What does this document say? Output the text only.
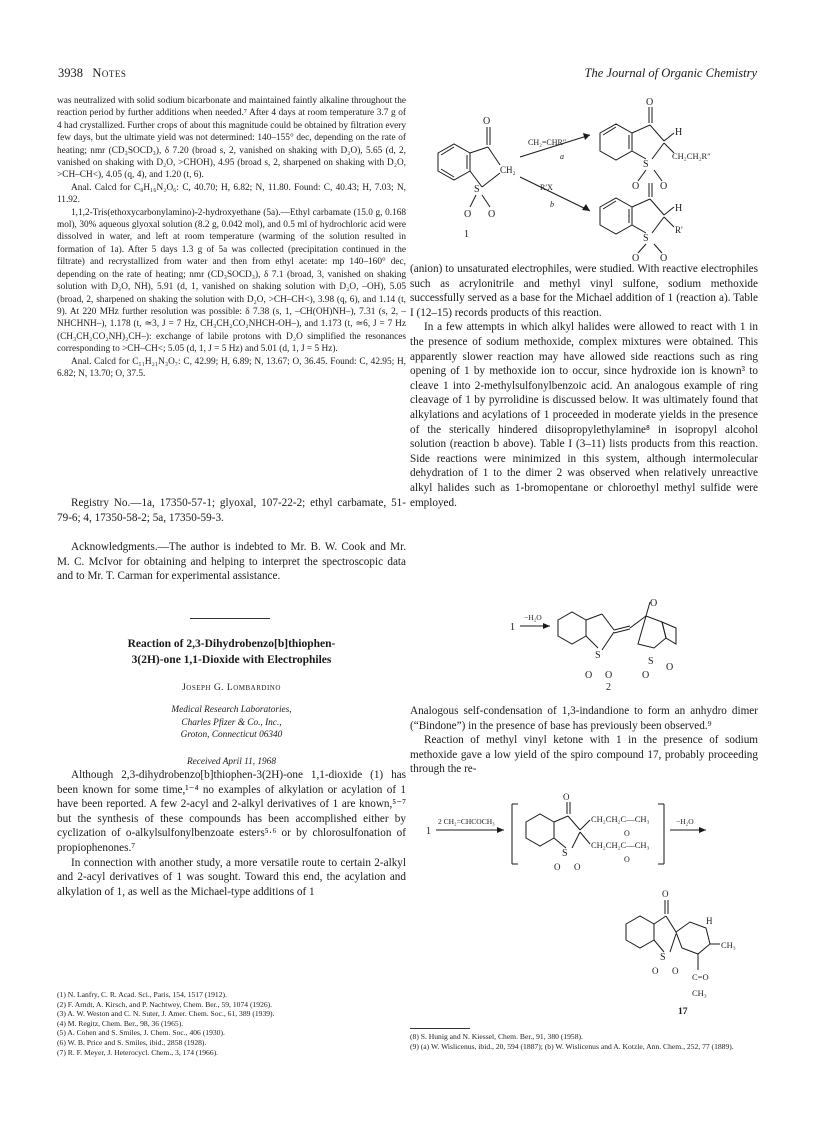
3938 Notes	The Journal of Organic Chemistry

was neutralized with solid sodium bicarbonate and maintained faintly alkaline throughout the reaction period by further additions when needed.⁷ After 4 days at room temperature 3.7 g of 4 had crystallized. Further crops of about this magnitude could be obtained by filtration every few days, but the ultimate yield was not determined: 140–155° dec, depending on the rate of heating; nmr (CD₃SOCD₃), δ 7.20 (broad s, 2, vanished on shaking with D₂O), 5.65 (d, 2, vanished on shaking with D₂O, >CHOH), 4.95 (broad s, 2, sharpened on shaking with D₂O, >CH–CH<), 4.05 (q, 4), and 1.20 (t, 6).

Anal. Calcd for C₈H₁₆N₂O₆: C, 40.70; H, 6.82; N, 11.80. Found: C, 40.43; H, 7.03; N, 11.92.

1,1,2-Tris(ethoxycarbonylamino)-2-hydroxyethane (5a).—Ethyl carbamate (15.0 g, 0.168 mol), 30% aqueous glyoxal solution (8.2 g, 0.042 mol), and 0.5 ml of hydrochloric acid were dissolved in water, and left at room temperature (warming of the solution resulted in formation of 1a). After 5 days 1.3 g of 5a was collected (precipitation continued in the filtrate) and recrystallized from water and then from ethyl acetate: mp 140–160° dec, depending on the rate of heating; nmr (CD₃SOCD₃), δ 7.1 (broad, 3, vanished on shaking solution with D₂O, NH), 5.91 (d, 1, vanished on shaking solution with D₂O, –OH), 5.05 (broad, 2, sharpened on shaking the solution with D₂O, >CH–CH<), 3.98 (q, 6), and 1.14 (t, 9). At 220 MHz further resolution was possible: δ 7.38 (s, 1, –CH(OH)NH–), 7.31 (s, 2, –NHCHNH–), 1.178 (t, ≃3, J = 7 Hz, CH₃CH₂CO₂NHCH-OH–), and 1.173 (t, ≃6, J = 7 Hz (CH₃CH₂CO₂NH)₂CH–): exchange of labile protons with D₂O simplified the resonances corresponding to >CH–CH<; 5.05 (d, 1, J = 5 Hz) and 5.01 (d, 1, J = 5 Hz).

Anal. Calcd for C₁₁H₂₁N₃O₇: C, 42.99; H, 6.89; N, 13.67; O, 36.45. Found: C, 42.95; H, 6.82; N, 13.70; O, 37.5.

Registry No.—1a, 17350-57-1; glyoxal, 107-22-2; ethyl carbamate, 51-79-6; 4, 17350-58-2; 5a, 17350-59-3.

Acknowledgments.—The author is indebted to Mr. B. W. Cook and Mr. M. C. McIvor for obtaining and helping to interpret the spectroscopic data and to Mr. T. Carman for experimental assistance.

Reaction of 2,3-Dihydrobenzo[b]thiophen-
3(2H)-one 1,1-Dioxide with Electrophiles
Joseph G. Lombardino
Medical Research Laboratories,
Charles Pfizer & Co., Inc.,
Groton, Connecticut 06340
Received April 11, 1968

Although 2,3-dihydrobenzo[b]thiophen-3(2H)-one 1,1-dioxide (1) has been known for some time,¹⁻⁴ no examples of alkylation or acylation of 1 have been reported. A few 2-acyl and 2-alkyl derivatives of 1 are known,⁵⁻⁷ but the synthesis of these compounds has been accomplished either by cyclization of o-alkylsulfonylbenzoate esters⁵·⁶ or by chlorosulfonation of propiophenones.⁷

In connection with another study, a more versatile route to certain 2-alkyl and 2-acyl derivatives of 1 was sought. Toward this end, the acylation and alkylation of 1, as well as the Michael-type additions of 1

(1) N. Lanfry, C. R. Acad. Sci., Paris, 154, 1517 (1912).
(2) F. Arndt, A. Kirsch, and P. Nachtwey, Chem. Ber., 59, 1074 (1926).
(3) A. W. Weston and C. N. Suter, J. Amer. Chem. Soc., 61, 389 (1939).
(4) M. Regitz, Chem. Ber., 98, 36 (1965).
(5) A. Cohen and S. Smiles, J. Chem. Soc., 406 (1930).
(6) W. B. Price and S. Smiles, ibid., 2858 (1928).
(7) R. F. Meyer, J. Heterocycl. Chem., 3, 174 (1966).
O
S
CH₂
O O
1
CH₂=CHR″
a
R′X
b
O
S
O O
H
CH₂CH₂R″
S
O O
H
R′

(anion) to unsaturated electrophiles, were studied. With reactive electrophiles such as acrylonitrile and methyl vinyl sulfone, sodium methoxide successfully served as a base for the Michael addition of 1 (reaction a). Table I (12–15) records products of this reaction.

In a few attempts in which alkyl halides were allowed to react with 1 in the presence of sodium methoxide, complex mixtures were obtained. This apparently slower reaction may have allowed side reactions such as ring opening of 1 by methoxide ion to occur, since hydroxide ion is known³ to cleave 1 into 2-methylsulfonylbenzoic acid. An analogous example of ring cleavage of 1 by pyrrolidine is discussed below. It was ultimately found that alkylations and acylations of 1 proceeded in moderate yields in the presence of the sterically hindered diisopropylethylamine⁸ in isopropyl alcohol solution (reaction b above). Table I (3–11) lists products from this reaction. Side reactions were minimized in this system, although intermolecular dehydration of 1 to the dimer 2 was observed when relatively unreactive alkyl halides such as 1-bromopentane or chloroethyl methyl sulfide were employed.

1
−H₂O
S
O
S
O O	O
O
2

Analogous self-condensation of 1,3-indandione to form an anhydro dimer (“Bindone”) in the presence of base has previously been observed.⁹

Reaction of methyl vinyl ketone with 1 in the presence of sodium methoxide gave a low yield of the spiro compound 17, probably proceeding through the re-

1
2 CH₂=CHCOCH₃
O
S
O O
CH₂CH₂C—CH₃
O
CH₂CH₂C—CH₃
O
−H₂O
O
S
O O
H
CH₃
C=O
CH₃
17
(8) S. Hunig and N. Kiessel, Chem. Ber., 91, 380 (1958).
(9) (a) W. Wislicenus, ibid., 20, 594 (1887); (b) W. Wislicenus and A. Kotzle, Ann. Chem., 252, 77 (1889).
